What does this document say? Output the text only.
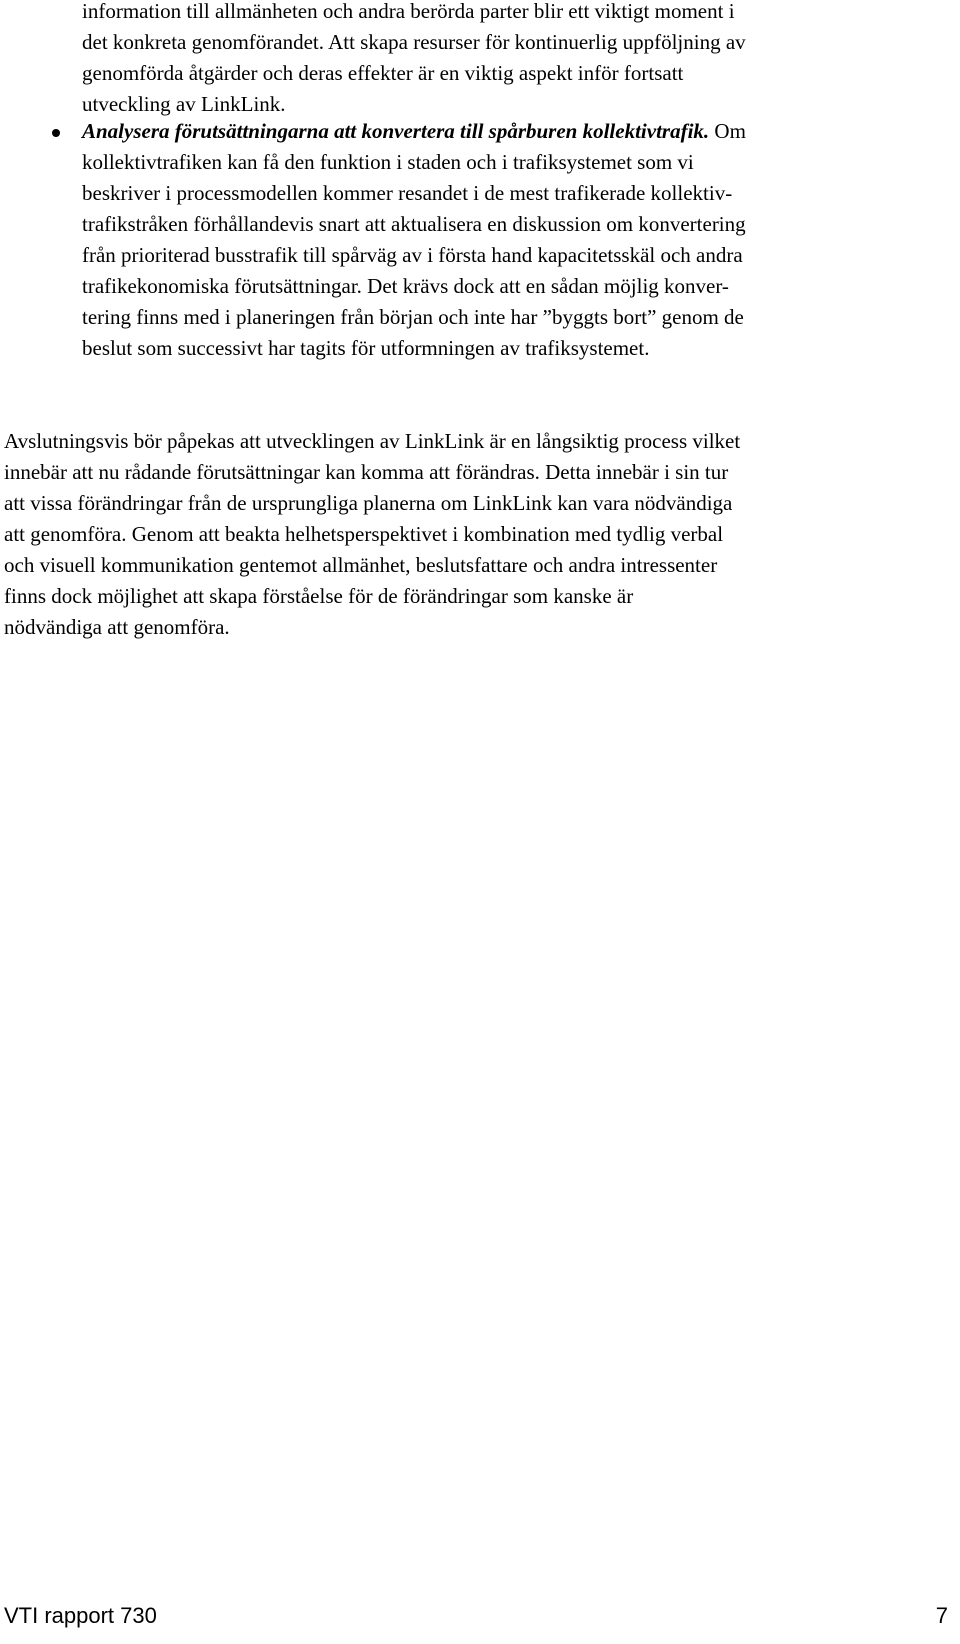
information till allmänheten och andra berörda parter blir ett viktigt moment i
det konkreta genomförandet. Att skapa resurser för kontinuerlig uppföljning av
genomförda åtgärder och deras effekter är en viktig aspekt inför fortsatt
utveckling av LinkLink.
Analysera förutsättningarna att konvertera till spårburen kollektivtrafik. Om
kollektivtrafiken kan få den funktion i staden och i trafiksystemet som vi
beskriver i processmodellen kommer resandet i de mest trafikerade kollektiv-
trafikstråken förhållandevis snart att aktualisera en diskussion om konvertering
från prioriterad busstrafik till spårväg av i första hand kapacitetsskäl och andra
trafikekonomiska förutsättningar. Det krävs dock att en sådan möjlig konver-
tering finns med i planeringen från början och inte har ”byggts bort” genom de
beslut som successivt har tagits för utformningen av trafiksystemet.
Avslutningsvis bör påpekas att utvecklingen av LinkLink är en långsiktig process vilket
innebär att nu rådande förutsättningar kan komma att förändras. Detta innebär i sin tur
att vissa förändringar från de ursprungliga planerna om LinkLink kan vara nödvändiga
att genomföra. Genom att beakta helhetsperspektivet i kombination med tydlig verbal
och visuell kommunikation gentemot allmänhet, beslutsfattare och andra intressenter
finns dock möjlighet att skapa förståelse för de förändringar som kanske är
nödvändiga att genomföra.
VTI rapport 730	7
